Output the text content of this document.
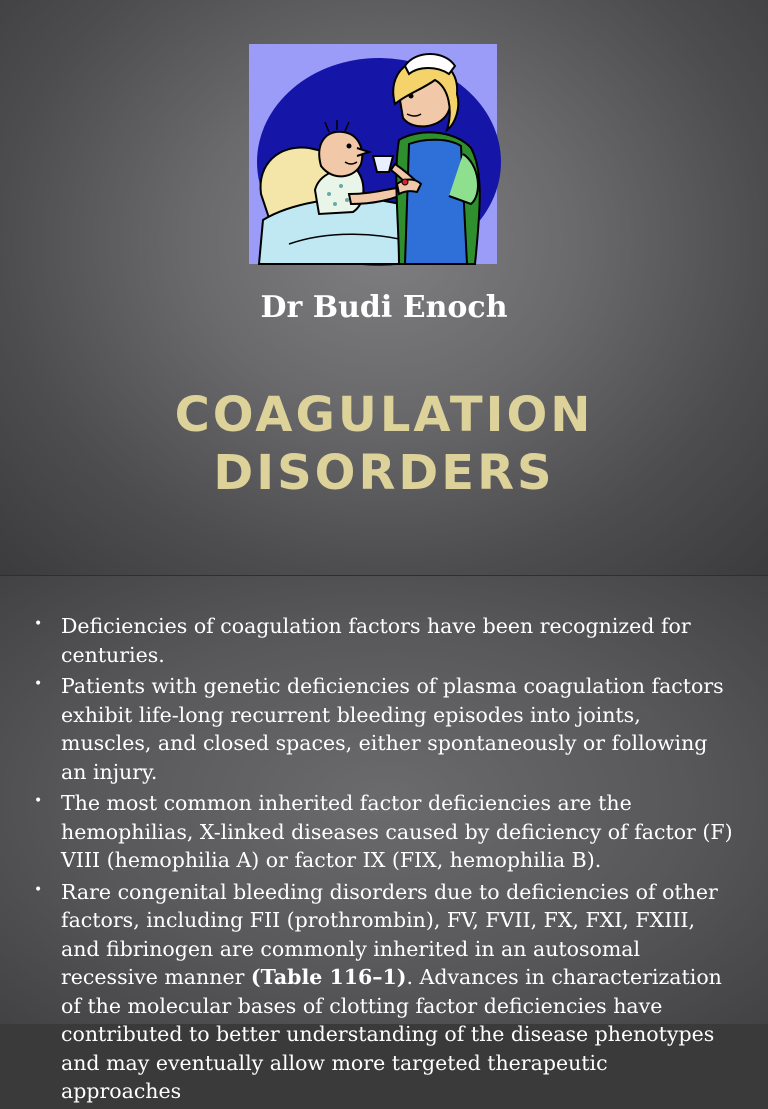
Dr Budi Enoch
COAGULATION
DISORDERS
• Deficiencies of coagulation factors have been recognized for centuries.
• Patients with genetic deficiencies of plasma coagulation factors exhibit life-long recurrent bleeding episodes into joints, muscles, and closed spaces, either spontaneously or following an injury.
• The most common inherited factor deficiencies are the hemophilias, X-linked diseases caused by deficiency of factor (F) VIII (hemophilia A) or factor IX (FIX, hemophilia B).
• Rare congenital bleeding disorders due to deficiencies of other factors, including FII (prothrombin), FV, FVII, FX, FXI, FXIII, and fibrinogen are commonly inherited in an autosomal recessive manner (Table 116–1). Advances in characterization of the molecular bases of clotting factor deficiencies have contributed to better understanding of the disease phenotypes and may eventually allow more targeted therapeutic approaches
